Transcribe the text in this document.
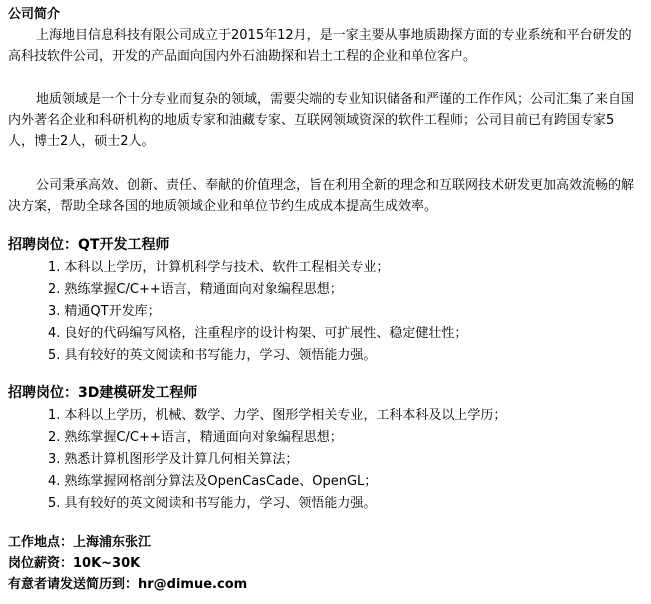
公司简介
上海地目信息科技有限公司成立于2015年12月，是一家主要从事地质勘探方面的专业系统和平台研发的高科技软件公司，开发的产品面向国内外石油勘探和岩土工程的企业和单位客户。
地质领域是一个十分专业而复杂的领域，需要尖端的专业知识储备和严谨的工作作风；公司汇集了来自国内外著名企业和科研机构的地质专家和油藏专家、互联网领域资深的软件工程师；公司目前已有跨国专家5人，博士2人，硕士2人。
公司秉承高效、创新、责任、奉献的价值理念，旨在利用全新的理念和互联网技术研发更加高效流畅的解决方案，帮助全球各国的地质领域企业和单位节约生成成本提高生成效率。
招聘岗位：QT开发工程师
1. 本科以上学历，计算机科学与技术、软件工程相关专业；
2. 熟练掌握C/C++语言，精通面向对象编程思想；
3. 精通QT开发库；
4. 良好的代码编写风格，注重程序的设计构架、可扩展性、稳定健壮性；
5. 具有较好的英文阅读和书写能力，学习、领悟能力强。
招聘岗位：3D建模研发工程师
1. 本科以上学历，机械、数学、力学、图形学相关专业，工科本科及以上学历；
2. 熟练掌握C/C++语言，精通面向对象编程思想；
3. 熟悉计算机图形学及计算几何相关算法；
4. 熟练掌握网格剖分算法及OpenCasCade、OpenGL；
5. 具有较好的英文阅读和书写能力，学习、领悟能力强。
工作地点：上海浦东张江
岗位薪资：10K~30K
有意者请发送简历到：hr@dimue.com
